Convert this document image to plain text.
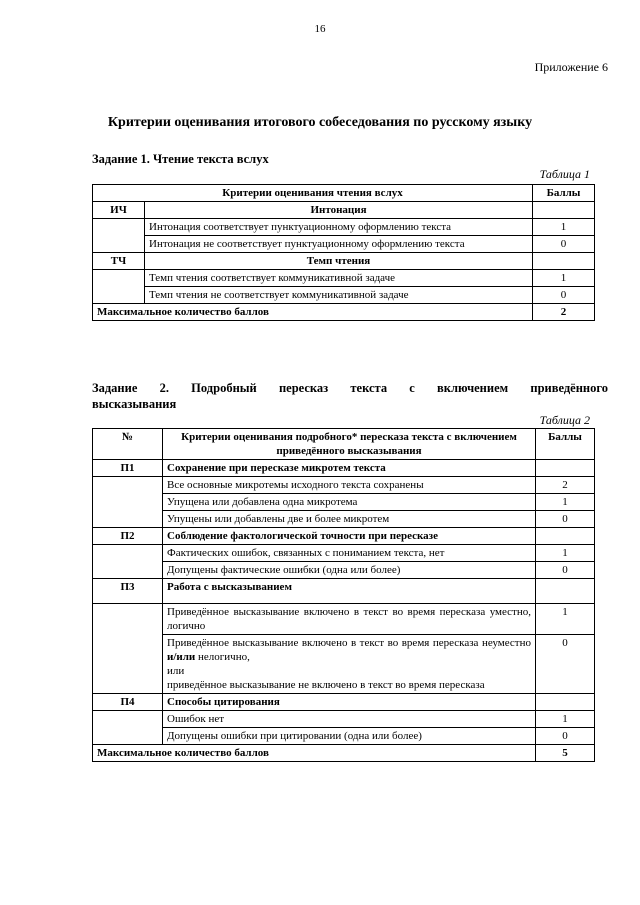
16
Приложение 6
Критерии оценивания итогового собеседования по русскому языку
Задание 1. Чтение текста вслух
Таблица 1
Критерии оценивания чтения вслух		Баллы
ИЧ	Интонация	
	Интонация соответствует пунктуационному оформлению текста	1
	Интонация не соответствует пунктуационному оформлению текста	0
ТЧ	Темп чтения	
	Темп чтения соответствует коммуникативной задаче	1
	Темп чтения не соответствует коммуникативной задаче	0
Максимальное количество баллов		2
Задание 2. Подробный пересказ текста с включением приведённого
высказывания
Таблица 2
№	Критерии оценивания подробного* пересказа текста с включением приведённого высказывания	Баллы
П1	Сохранение при пересказе микротем текста	
	Все основные микротемы исходного текста сохранены	2
	Упущена или добавлена одна микротема	1
	Упущены или добавлены две и более микротем	0
П2	Соблюдение фактологической точности при пересказе	
	Фактических ошибок, связанных с пониманием текста, нет	1
	Допущены фактические ошибки (одна или более)	0
П3	Работа с высказыванием	
	Приведённое высказывание включено в текст во время пересказа уместно, логично	1
	Приведённое высказывание включено в текст во время пересказа неуместно и/или нелогично,
или
приведённое высказывание не включено в текст во время пересказа	0
П4	Способы цитирования	
	Ошибок нет	1
	Допущены ошибки при цитировании (одна или более)	0
Максимальное количество баллов		5
